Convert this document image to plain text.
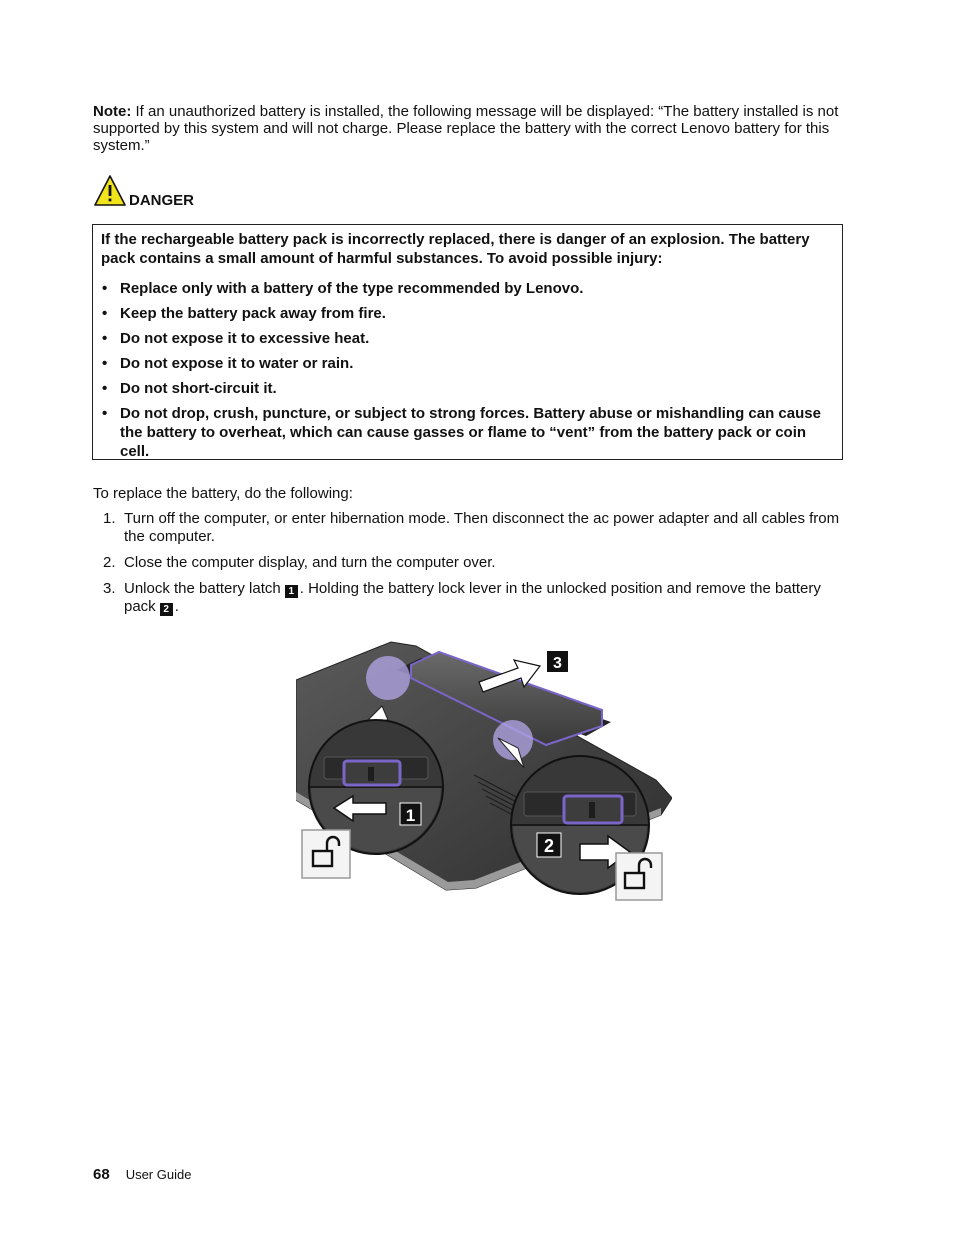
Note: If an unauthorized battery is installed, the following message will be displayed: “The battery installed is not supported by this system and will not charge. Please replace the battery with the correct Lenovo battery for this system.”
DANGER

If the rechargeable battery pack is incorrectly replaced, there is danger of an explosion. The battery pack contains a small amount of harmful substances. To avoid possible injury:

• Replace only with a battery of the type recommended by Lenovo.
• Keep the battery pack away from fire.
• Do not expose it to excessive heat.
• Do not expose it to water or rain.
• Do not short-circuit it.
• Do not drop, crush, puncture, or subject to strong forces. Battery abuse or mishandling can cause the battery to overheat, which can cause gasses or flame to “vent” from the battery pack or coin cell.
To replace the battery, do the following:
1. Turn off the computer, or enter hibernation mode. Then disconnect the ac power adapter and all cables from the computer.
2. Close the computer display, and turn the computer over.
3. Unlock the battery latch 1 . Holding the battery lock lever in the unlocked position and remove the battery pack 2 .
3
1
2
68 User Guide
